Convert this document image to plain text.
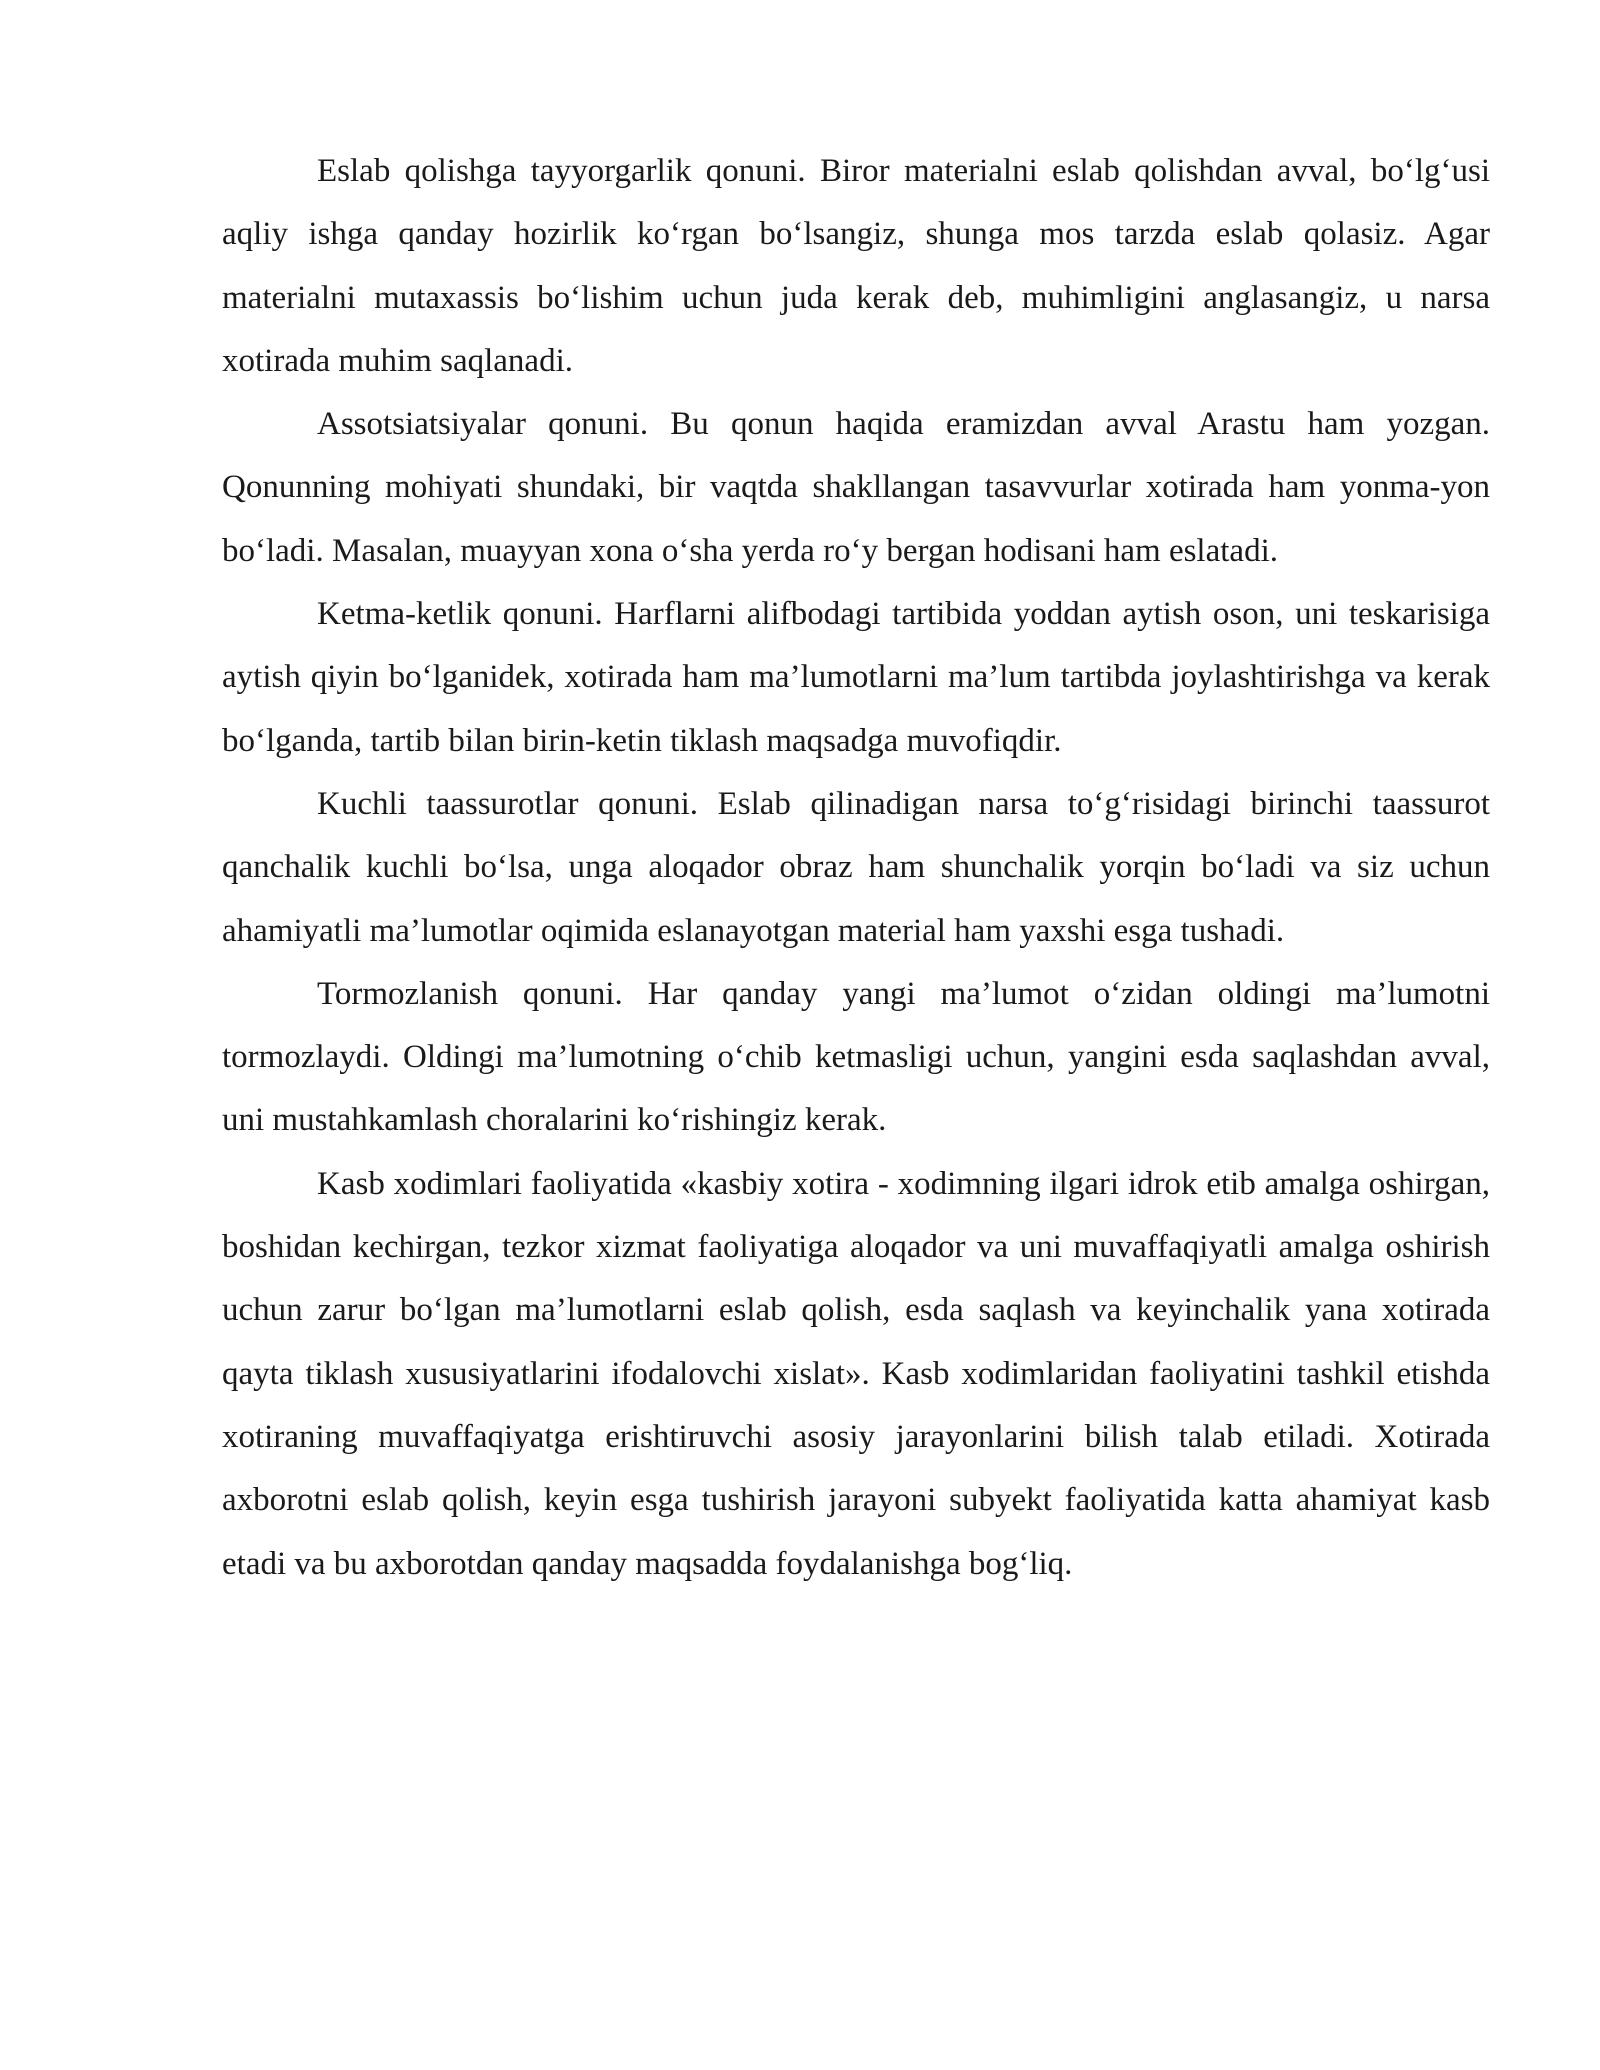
Eslab qolishga tayyorgarlik qonuni. Biror materialni eslab qolishdan avval, bo‘lg‘usi aqliy ishga qanday hozirlik ko‘rgan bo‘lsangiz, shunga mos tarzda eslab qolasiz. Agar materialni mutaxassis bo‘lishim uchun juda kerak deb, muhimligini anglasangiz, u narsa xotirada muhim saqlanadi.

Assotsiatsiyalar qonuni. Bu qonun haqida eramizdan avval Arastu ham yozgan. Qonunning mohiyati shundaki, bir vaqtda shakllangan tasavvurlar xotirada ham yonma-yon bo‘ladi. Masalan, muayyan xona o‘sha yerda ro‘y bergan hodisani ham eslatadi.

Ketma-ketlik qonuni. Harflarni alifbodagi tartibida yoddan aytish oson, uni teskarisiga aytish qiyin bo‘lganidek, xotirada ham ma’lumotlarni ma’lum tartibda joylashtirishga va kerak bo‘lganda, tartib bilan birin-ketin tiklash maqsadga muvofiqdir.

Kuchli taassurotlar qonuni. Eslab qilinadigan narsa to‘g‘risidagi birinchi taassurot qanchalik kuchli bo‘lsa, unga aloqador obraz ham shunchalik yorqin bo‘ladi va siz uchun ahamiyatli ma’lumotlar oqimida eslanayotgan material ham yaxshi esga tushadi.

Tormozlanish qonuni. Har qanday yangi ma’lumot o‘zidan oldingi ma’lumotni tormozlaydi. Oldingi ma’lumotning o‘chib ketmasligi uchun, yangini esda saqlashdan avval, uni mustahkamlash choralarini ko‘rishingiz kerak.

Kasb xodimlari faoliyatida «kasbiy xotira - xodimning ilgari idrok etib amalga oshirgan, boshidan kechirgan, tezkor xizmat faoliyatiga aloqador va uni muvaffaqiyatli amalga oshirish uchun zarur bo‘lgan ma’lumotlarni eslab qolish, esda saqlash va keyinchalik yana xotirada qayta tiklash xususiyatlarini ifodalovchi xislat». Kasb xodimlaridan faoliyatini tashkil etishda xotiraning muvaffaqiyatga erishtiruvchi asosiy jarayonlarini bilish talab etiladi. Xotirada axborotni eslab qolish, keyin esga tushirish jarayoni subyekt faoliyatida katta ahamiyat kasb etadi va bu axborotdan qanday maqsadda foydalanishga bog‘liq.
